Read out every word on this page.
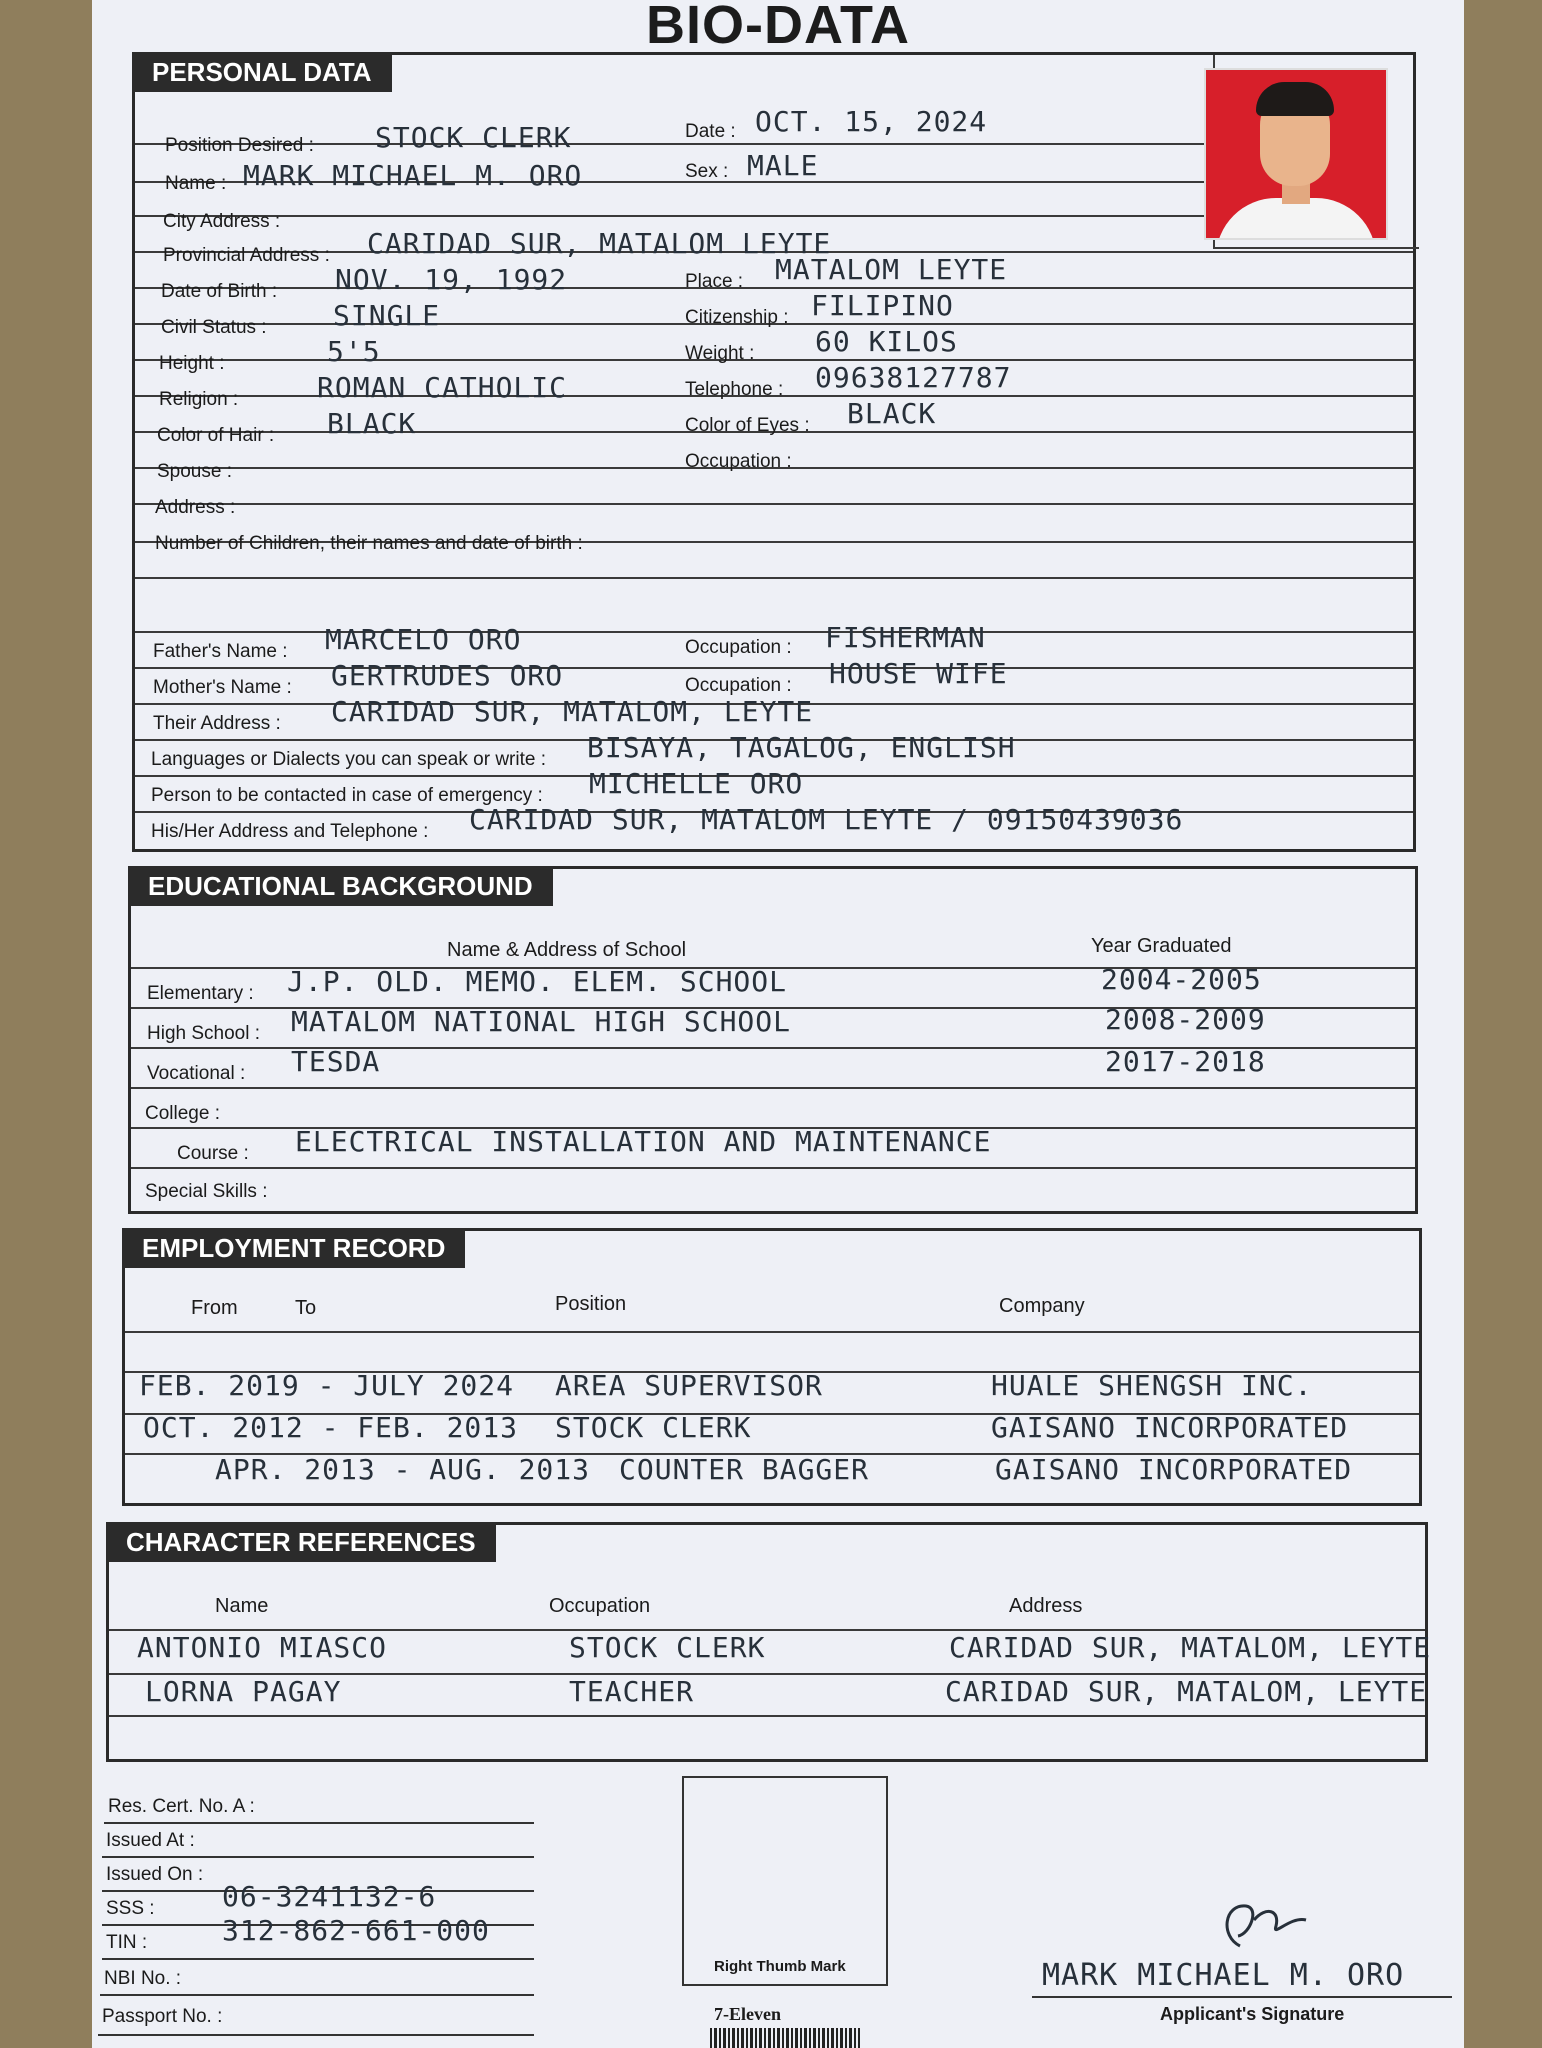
BIO-DATA
PERSONAL DATA
Position Desired : STOCK CLERK	Date : OCT. 15, 2024
Name : MARK MICHAEL M. ORO	Sex : MALE
City Address :
Provincial Address : CARIDAD SUR, MATALOM LEYTE
Date of Birth : NOV. 19, 1992	Place : MATALOM LEYTE
Civil Status : SINGLE	Citizenship : FILIPINO
Height :	5'5	Weight : 60 KILOS
Religion :	ROMAN CATHOLIC	Telephone : 09638127787
Color of Hair : BLACK	Color of Eyes : BLACK
Spouse :	Occupation :
Address :
Number of Children, their names and date of birth :
Father's Name : MARCELO ORO	Occupation : FISHERMAN
Mother's Name : GERTRUDES ORO	Occupation : HOUSE WIFE
Their Address : CARIDAD SUR, MATALOM, LEYTE
Languages or Dialects you can speak or write : BISAYA, TAGALOG, ENGLISH
Person to be contacted in case of emergency : MICHELLE ORO
His/Her Address and Telephone : CARIDAD SUR, MATALOM LEYTE / 09150439036
EDUCATIONAL BACKGROUND
Name & Address of School	Year Graduated
Elementary : J.P. OLD. MEMO. ELEM. SCHOOL	2004-2005
High School : MATALOM NATIONAL HIGH SCHOOL	2008-2009
Vocational : TESDA	2017-2018
College :
Course : ELECTRICAL INSTALLATION AND MAINTENANCE
Special Skills :
EMPLOYMENT RECORD
From	To	Position	Company
FEB. 2019 - JULY 2024 AREA SUPERVISOR	HUALE SHENGSH INC.
OCT. 2012 - FEB. 2013 STOCK CLERK	GAISANO INCORPORATED
APR. 2013 - AUG. 2013 COUNTER BAGGER	GAISANO INCORPORATED
CHARACTER REFERENCES
Name	Occupation	Address
ANTONIO MIASCO	STOCK CLERK	CARIDAD SUR, MATALOM, LEYTE
LORNA PAGAY	TEACHER	CARIDAD SUR, MATALOM, LEYTE
Res. Cert. No. A :
Issued At :
Issued On :
SSS : 06-3241132-6
TIN :	312-862-661-000
NBI No. :
Passport No. :
Right Thumb Mark
7-Eleven
MARK MICHAEL M. ORO
Applicant's Signature
